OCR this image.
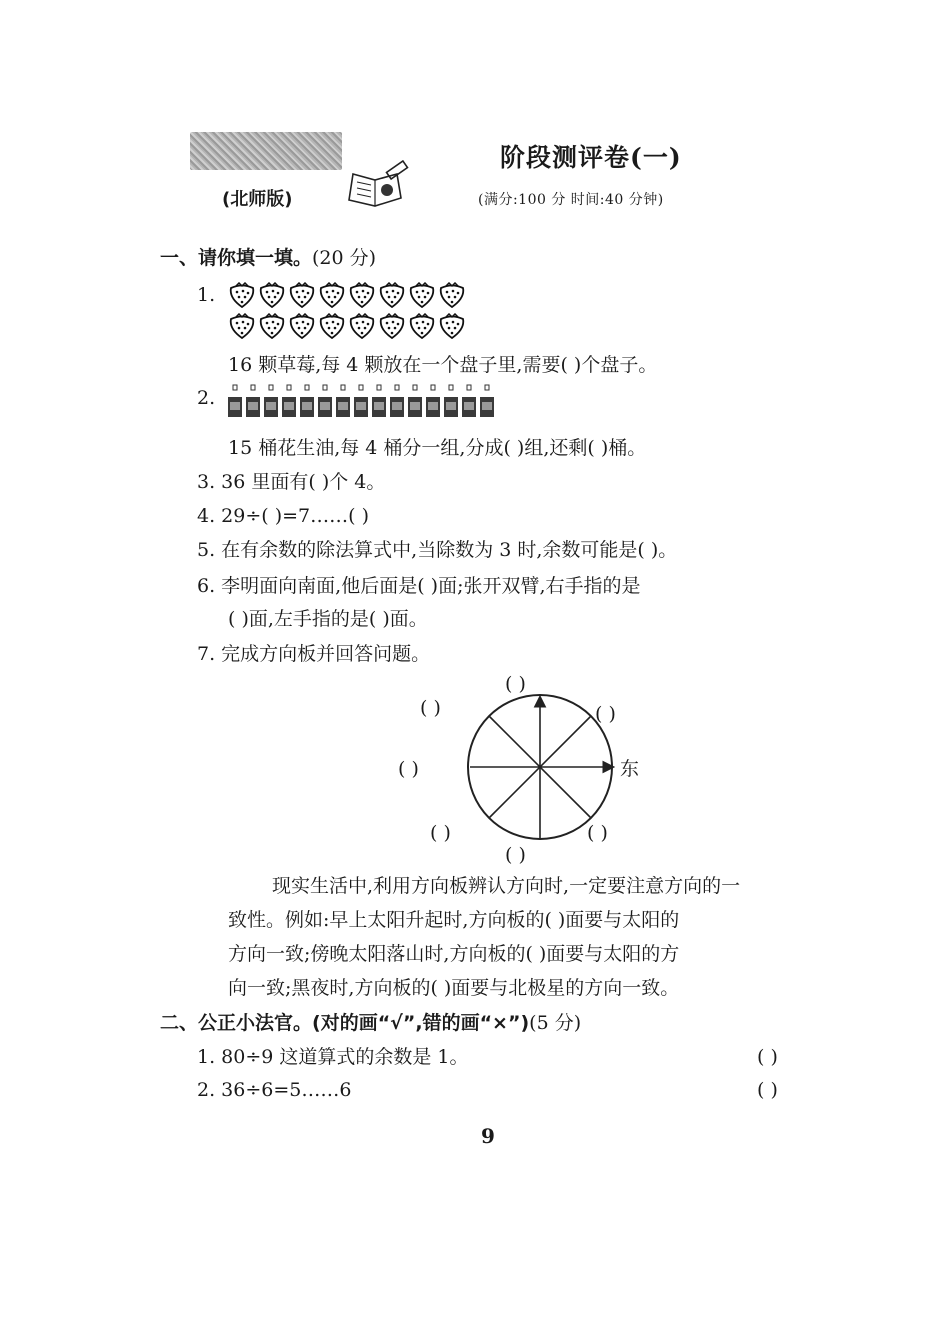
阶段测评卷(一)
(北师版)	(满分:100 分 时间:40 分钟)
一、请你填一填。(20 分)
1.
16 颗草莓,每 4 颗放在一个盘子里,需要( )个盘子。
2.
15 桶花生油,每 4 桶分一组,分成( )组,还剩( )桶。
3. 36 里面有( )个 4。
4. 29÷( )=7……( )
5. 在有余数的除法算式中,当除数为 3 时,余数可能是( )。
6. 李明面向南面,他后面是( )面;张开双臂,右手指的是
( )面,左手指的是( )面。
7. 完成方向板并回答问题。
东
( )
( )	( )
( )
( )	( )
( )
现实生活中,利用方向板辨认方向时,一定要注意方向的一
致性。例如:早上太阳升起时,方向板的( )面要与太阳的
方向一致;傍晚太阳落山时,方向板的( )面要与太阳的方
向一致;黑夜时,方向板的( )面要与北极星的方向一致。
二、公正小法官。(对的画“√”,错的画“×”)(5 分)
1. 80÷9 这道算式的余数是 1。	( )
2. 36÷6=5……6	( )
9
